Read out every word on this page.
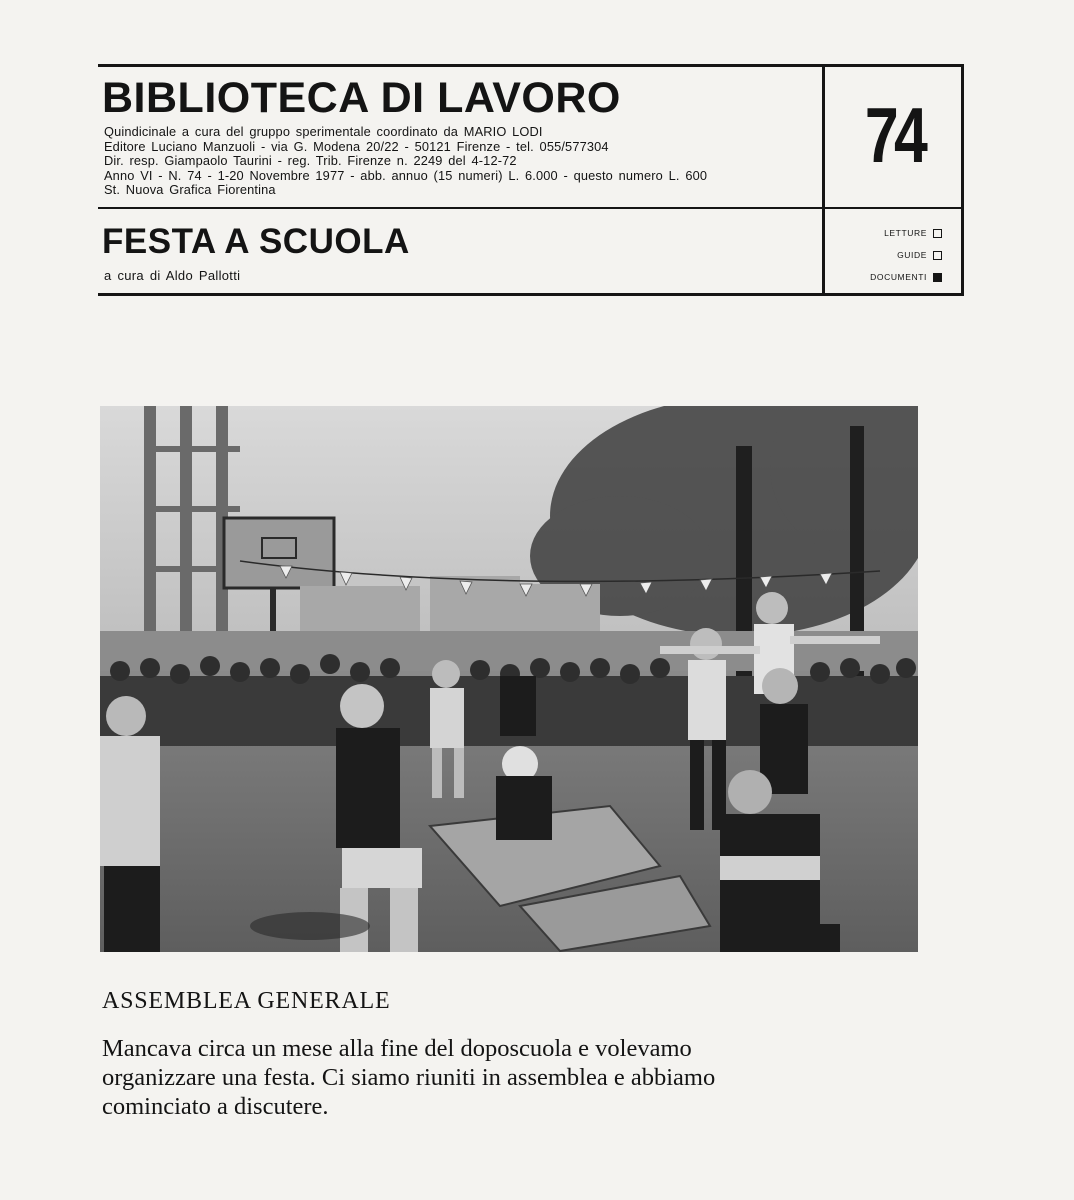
BIBLIOTECA DI LAVORO
Quindicinale a cura del gruppo sperimentale coordinato da MARIO LODI
Editore Luciano Manzuoli - via G. Modena 20/22 - 50121 Firenze - tel. 055/577304
Dir. resp. Giampaolo Taurini - reg. Trib. Firenze n. 2249 del 4-12-72
Anno VI - N. 74 - 1-20 Novembre 1977 - abb. annuo (15 numeri) L. 6.000 - questo numero L. 600
St. Nuova Grafica Fiorentina
74
FESTA A SCUOLA
a cura di Aldo Pallotti
LETTURE
GUIDE
DOCUMENTI
ASSEMBLEA GENERALE
Mancava circa un mese alla fine del doposcuola e volevamo
organizzare una festa. Ci siamo riuniti in assemblea e abbiamo
cominciato a discutere.
